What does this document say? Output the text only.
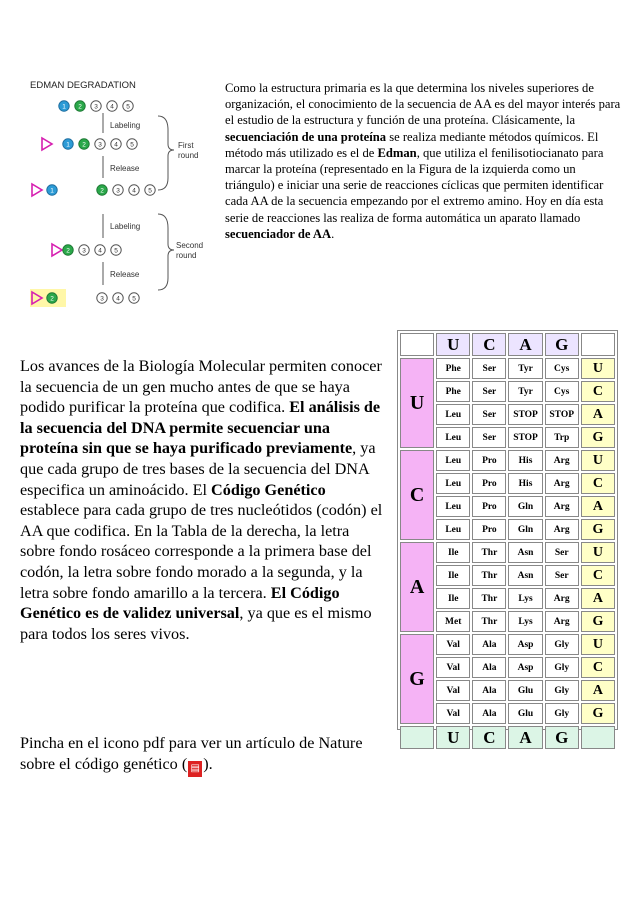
EDMAN DEGRADATION
1 2 3 4 5
1 2 3 4 5
1	2 3 4 5
2 3 4 5
2	3 4 5
Labeling
Release
Labeling
Release
First round
Second round
Como la estructura primaria es la que determina los niveles superiores de organización, el conocimiento de la secuencia de AA es del mayor interés para el estudio de la estructura y función de una proteína. Clásicamente, la secuenciación de una proteína se realiza mediante métodos químicos. El método más utilizado es el de Edman, que utiliza el fenilisotiocianato para marcar la proteína (representado en la Figura de la izquierda como un triángulo) e iniciar una serie de reacciones cíclicas que permiten identificar cada AA de la secuencia empezando por el extremo amino. Hoy en día esta serie de reacciones las realiza de forma automática un aparato llamado secuenciador de AA.
Los avances de la Biología Molecular permiten conocer la secuencia de un gen mucho antes de que se haya podido purificar la proteína que codifica. El análisis de la secuencia del DNA permite secuenciar una proteína sin que se haya purificado previamente, ya que cada grupo de tres bases de la secuencia del DNA especifica un aminoácido. El Código Genético establece para cada grupo de tres nucleótidos (codón) el AA que codifica. En la Tabla de la derecha, la letra sobre fondo rosáceo corresponde a la primera base del codón, la letra sobre fondo morado a la segunda, y la letra sobre fondo amarillo a la tercera. El Código Genético es de validez universal, ya que es el mismo para todos los seres vivos.
Pincha en el icono pdf para ver un artículo de Nature sobre el código genético ( ▤ ).
	U	C	A	G	
U	Phe	Ser	Tyr	Cys	U
	Phe	Ser	Tyr	Cys	C
	Leu	Ser	STOP	STOP	A
	Leu	Ser	STOP	Trp	G
C	Leu	Pro	His	Arg	U
	Leu	Pro	His	Arg	C
	Leu	Pro	Gln	Arg	A
	Leu	Pro	Gln	Arg	G
A	Ile	Thr	Asn	Ser	U
	Ile	Thr	Asn	Ser	C
	Ile	Thr	Lys	Arg	A
	Met	Thr	Lys	Arg	G
G	Val	Ala	Asp	Gly	U
	Val	Ala	Asp	Gly	C
	Val	Ala	Glu	Gly	A
	Val	Ala	Glu	Gly	G
	U	C	A	G	
